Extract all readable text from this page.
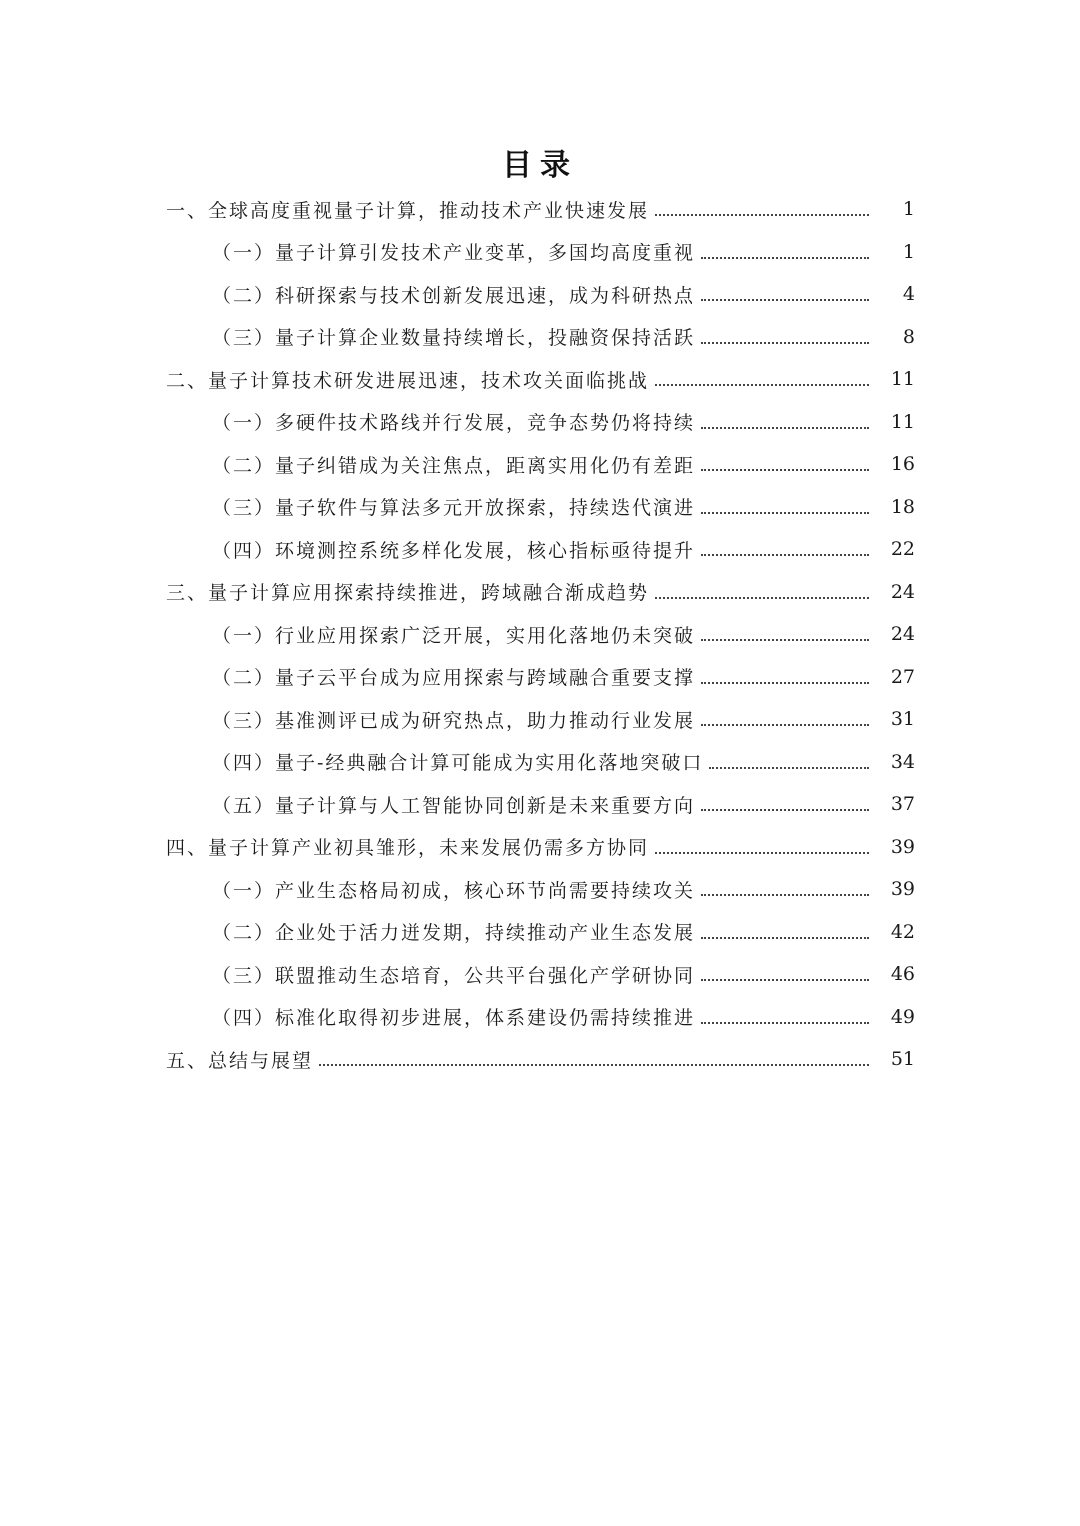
目录
一、全球高度重视量子计算，推动技术产业快速发展	1
（一）量子计算引发技术产业变革，多国均高度重视	1
（二）科研探索与技术创新发展迅速，成为科研热点	4
（三）量子计算企业数量持续增长，投融资保持活跃	8
二、量子计算技术研发进展迅速，技术攻关面临挑战	11
（一）多硬件技术路线并行发展，竞争态势仍将持续	11
（二）量子纠错成为关注焦点，距离实用化仍有差距	16
（三）量子软件与算法多元开放探索，持续迭代演进	18
（四）环境测控系统多样化发展，核心指标亟待提升	22
三、量子计算应用探索持续推进，跨域融合渐成趋势	24
（一）行业应用探索广泛开展，实用化落地仍未突破	24
（二）量子云平台成为应用探索与跨域融合重要支撑	27
（三）基准测评已成为研究热点，助力推动行业发展	31
（四）量子-经典融合计算可能成为实用化落地突破口	34
（五）量子计算与人工智能协同创新是未来重要方向	37
四、量子计算产业初具雏形，未来发展仍需多方协同	39
（一）产业生态格局初成，核心环节尚需要持续攻关	39
（二）企业处于活力迸发期，持续推动产业生态发展	42
（三）联盟推动生态培育，公共平台强化产学研协同	46
（四）标准化取得初步进展，体系建设仍需持续推进	49
五、总结与展望	51
